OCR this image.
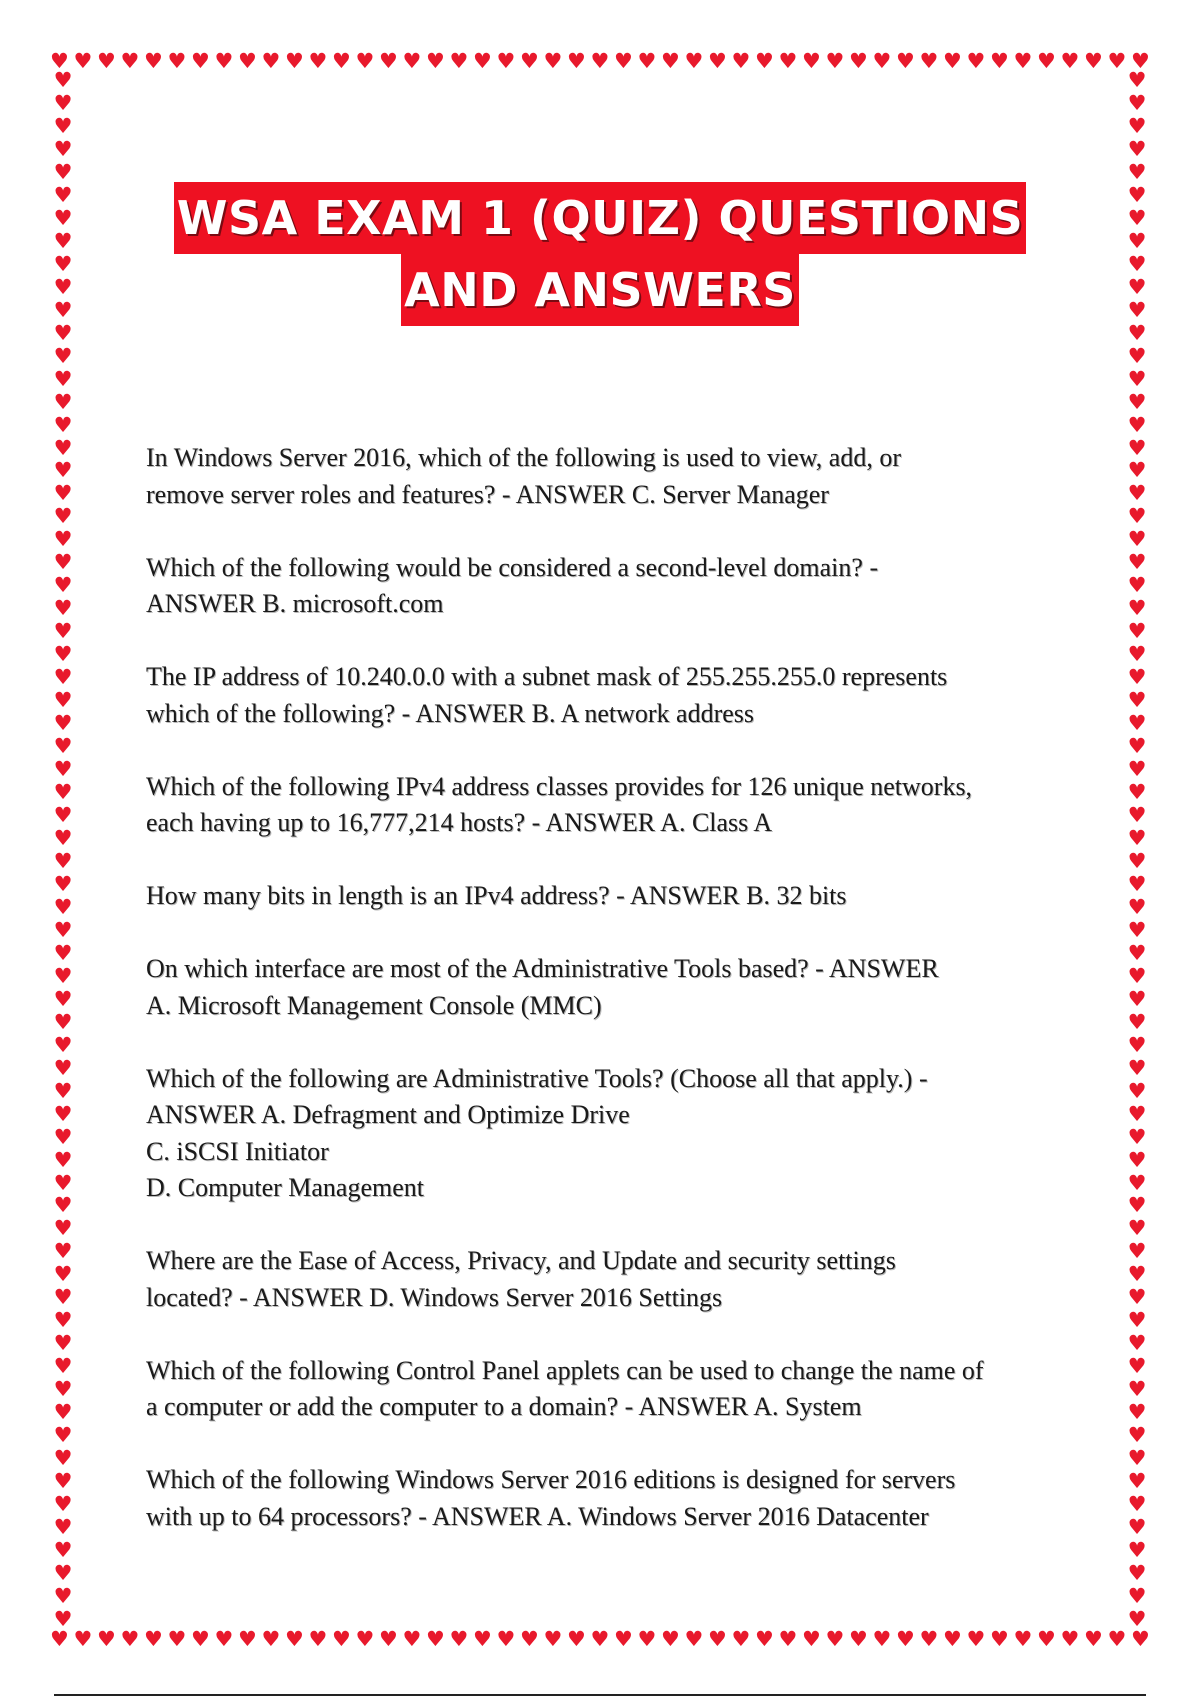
♥ ♥ ♥ ♥ ♥ ♥ ♥ ♥ ♥ ♥ ♥ ♥ ♥ ♥ ♥ ♥ ♥ ♥ ♥ ♥ ♥ ♥ ♥ ♥ ♥ ♥ ♥ ♥ ♥ ♥ ♥ ♥ ♥ ♥ ♥ ♥ ♥ ♥ ♥ ♥ ♥ ♥ ♥ ♥ ♥ ♥ ♥
♥ ♥ ♥ ♥ ♥ ♥ ♥ ♥ ♥ ♥ ♥ ♥ ♥ ♥ ♥ ♥ ♥ ♥ ♥ ♥ ♥ ♥ ♥ ♥ ♥ ♥ ♥ ♥ ♥ ♥ ♥ ♥ ♥ ♥ ♥ ♥ ♥ ♥ ♥ ♥ ♥ ♥ ♥ ♥ ♥ ♥ ♥
♥
♥
♥
♥
♥
♥
♥
♥
♥
♥
♥
♥
♥
♥
♥
♥
♥
♥
♥
♥
♥
♥
♥
♥
♥
♥
♥
♥
♥
♥
♥
♥
♥
♥
♥
♥
♥
♥
♥
♥
♥
♥
♥
♥
♥
♥
♥
♥
♥
♥
♥
♥
♥
♥
♥
♥
♥
♥
♥
♥
♥
♥
♥
♥
♥
♥
♥
♥
♥
♥
♥
♥
♥
♥
♥
♥
♥
♥
♥
♥
♥
♥
♥
♥
♥
♥
♥
♥
♥
♥
♥
♥
♥
♥
♥
♥
♥
♥
♥
♥
♥
♥
♥
♥
♥
♥
♥
♥
♥
♥
♥
♥
♥
♥
♥
♥
♥
♥
♥
♥
♥
♥
♥
♥
♥
♥
♥
♥
♥
♥
♥
♥
♥
♥
♥
♥
WSA EXAM 1 (QUIZ) QUESTIONS
AND ANSWERS
In Windows Server 2016, which of the following is used to view, add, or
remove server roles and features? - ANSWER C. Server Manager
Which of the following would be considered a second-level domain? -
ANSWER B. microsoft.com
The IP address of 10.240.0.0 with a subnet mask of 255.255.255.0 represents
which of the following? - ANSWER B. A network address
Which of the following IPv4 address classes provides for 126 unique networks,
each having up to 16,777,214 hosts? - ANSWER A. Class A
How many bits in length is an IPv4 address? - ANSWER B. 32 bits
On which interface are most of the Administrative Tools based? - ANSWER
A. Microsoft Management Console (MMC)
Which of the following are Administrative Tools? (Choose all that apply.) -
ANSWER A. Defragment and Optimize Drive
C. iSCSI Initiator
D. Computer Management
Where are the Ease of Access, Privacy, and Update and security settings
located? - ANSWER D. Windows Server 2016 Settings
Which of the following Control Panel applets can be used to change the name of
a computer or add the computer to a domain? - ANSWER A. System
Which of the following Windows Server 2016 editions is designed for servers
with up to 64 processors? - ANSWER A. Windows Server 2016 Datacenter
